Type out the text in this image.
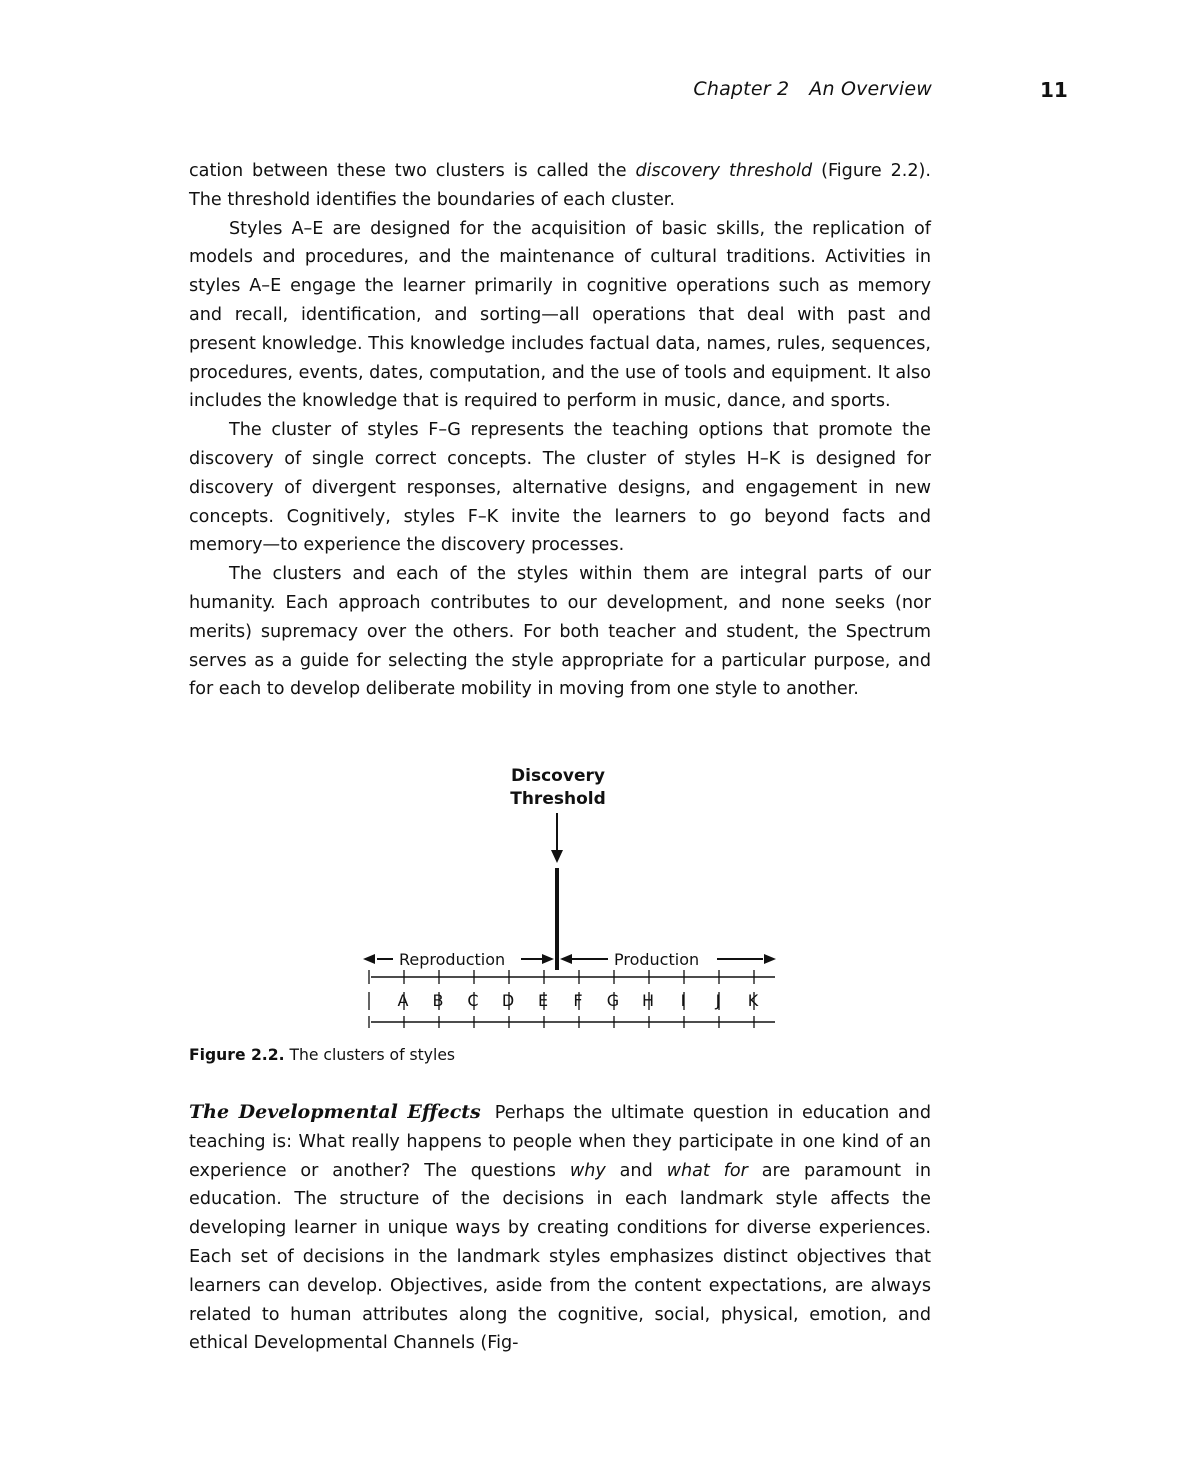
Chapter 2 An Overview	11

cation between these two clusters is called the discovery threshold (Figure 2.2). The threshold identifies the boundaries of each cluster.

Styles A–E are designed for the acquisition of basic skills, the replication of models and procedures, and the maintenance of cultural traditions. Activities in styles A–E engage the learner primarily in cognitive operations such as memory and recall, identification, and sorting—all operations that deal with past and present knowledge. This knowledge includes factual data, names, rules, sequences, procedures, events, dates, computation, and the use of tools and equipment. It also includes the knowledge that is required to perform in music, dance, and sports.

The cluster of styles F–G represents the teaching options that promote the discovery of single correct concepts. The cluster of styles H–K is designed for discovery of divergent responses, alternative designs, and engagement in new concepts. Cognitively, styles F–K invite the learners to go beyond facts and memory—to experience the discovery processes.

The clusters and each of the styles within them are integral parts of our humanity. Each approach contributes to our development, and none seeks (nor merits) supremacy over the others. For both teacher and student, the Spectrum serves as a guide for selecting the style appropriate for a particular purpose, and for each to develop deliberate mobility in moving from one style to another.

Discovery
Threshold
Reproduction	Production
A B C D E F G H I J K
Figure 2.2. The clusters of styles

The Developmental Effects Perhaps the ultimate question in education and teaching is: What really happens to people when they participate in one kind of an experience or another? The questions why and what for are paramount in education. The structure of the decisions in each landmark style affects the developing learner in unique ways by creating conditions for diverse experiences. Each set of decisions in the landmark styles emphasizes distinct objectives that learners can develop. Objectives, aside from the content expectations, are always related to human attributes along the cognitive, social, physical, emotion, and ethical Developmental Channels (Fig-
